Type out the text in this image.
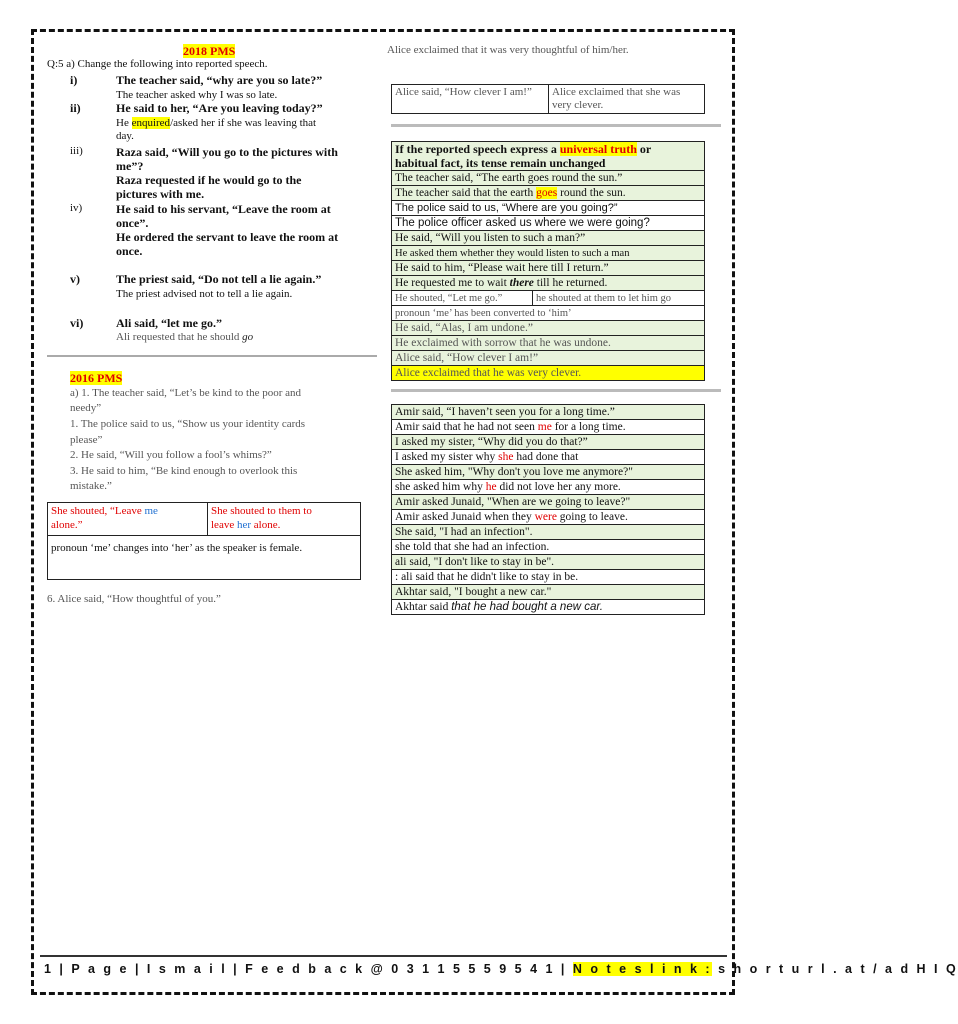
2018 PMS
Q:5 a) Change the following into reported speech.
i)	The teacher said, “why are you so late?”
The teacher asked why I was so late.
ii)	He said to her, “Are you leaving today?”
He enquired/asked her if she was leaving that
day.
iii)	Raza said, “Will you go to the pictures with
me”?
Raza requested if he would go to the
pictures with me.
iv)	He said to his servant, “Leave the room at
once”.
He ordered the servant to leave the room at
once.
v)	The priest said, “Do not tell a lie again.”
The priest advised not to tell a lie again.
vi)	Ali said, “let me go.”
Ali requested that he should go
2016 PMS
a) 1. The teacher said, “Let’s be kind to the poor and
needy”
1. The police said to us, “Show us your identity cards
please”
2. He said, “Will you follow a fool’s whims?”
3. He said to him, “Be kind enough to overlook this
mistake.”
She shouted, “Leave me
alone.”	She shouted to them to
leave her alone.
pronoun ‘me’ changes into ‘her’ as the speaker is female.
6. Alice said, “How thoughtful of you.”
Alice exclaimed that it was very thoughtful of him/her.
Alice said, “How clever I am!”	Alice exclaimed that she was very clever.
If the reported speech express a universal truth or
habitual fact, its tense remain unchanged
The teacher said, “The earth goes round the sun.”
The teacher said that the earth goes round the sun.
The police said to us, “Where are you going?”
The police officer asked us where we were going?
He said, “Will you listen to such a man?”
He asked them whether they would listen to such a man
He said to him, “Please wait here till I return.”
He requested me to wait there till he returned.
He shouted, “Let me go.”	he shouted at them to let him go
pronoun ‘me’ has been converted to ‘him’
He said, “Alas, I am undone.”
He exclaimed with sorrow that he was undone.
Alice said, “How clever I am!”
Alice exclaimed that he was very clever.
Amir said, “I haven’t seen you for a long time.”
Amir said that he had not seen me for a long time.
I asked my sister, “Why did you do that?”
I asked my sister why she had done that
She asked him, "Why don't you love me anymore?"
she asked him why he did not love her any more.
Amir asked Junaid, "When are we going to leave?"
Amir asked Junaid when they were going to leave.
She said, "I had an infection".
she told that she had an infection.
ali said, "I don't like to stay in be".
: ali said that he didn't like to stay in be.
Akhtar said, "I bought a new car."
Akhtar said that he had bought a new car.
1 | P a g e | I s m a i l | F e e d b a c k @ 0 3 1 1 5 5 5 9 5 4 1 | N o t e s l i n k : s h o r t u r l . a t / a d H I Q
